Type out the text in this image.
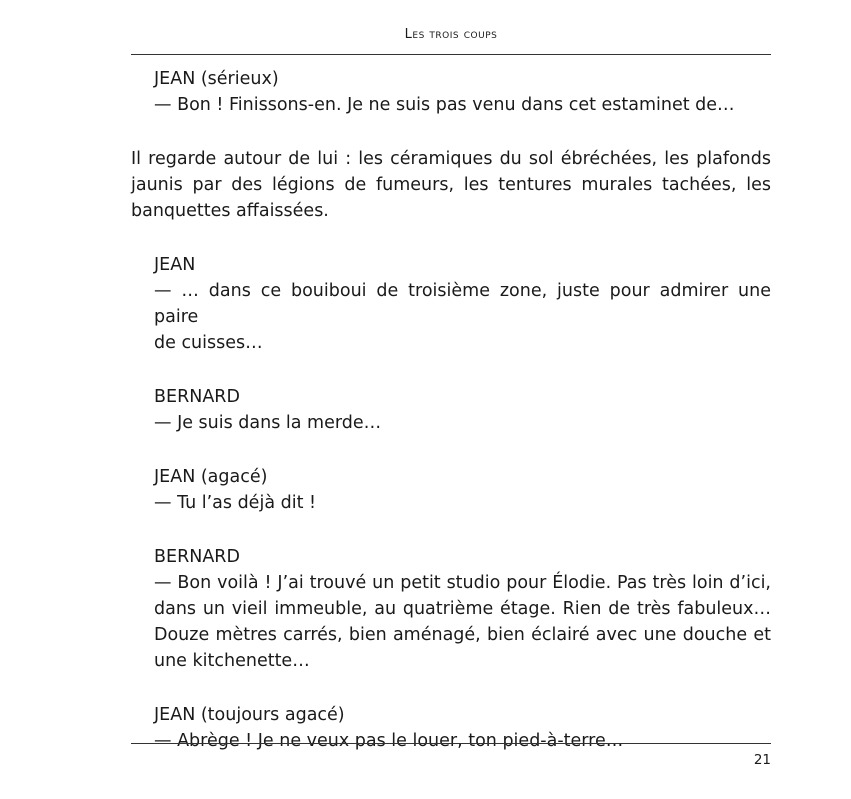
Les trois coups
JEAN (sérieux)
— Bon ! Finissons-en. Je ne suis pas venu dans cet estaminet de…
Il regarde autour de lui : les céramiques du sol ébréchées, les plafonds
jaunis par des légions de fumeurs, les tentures murales tachées, les
banquettes affaissées.
JEAN
— … dans ce bouiboui de troisième zone, juste pour admirer une paire
de cuisses…
BERNARD
— Je suis dans la merde…
JEAN (agacé)
— Tu l’as déjà dit !
BERNARD
— Bon voilà ! J’ai trouvé un petit studio pour Élodie. Pas très loin d’ici,
dans un vieil immeuble, au quatrième étage. Rien de très fabuleux…
Douze mètres carrés, bien aménagé, bien éclairé avec une douche et
une kitchenette…
JEAN (toujours agacé)
— Abrège ! Je ne veux pas le louer, ton pied-à-terre…
21
